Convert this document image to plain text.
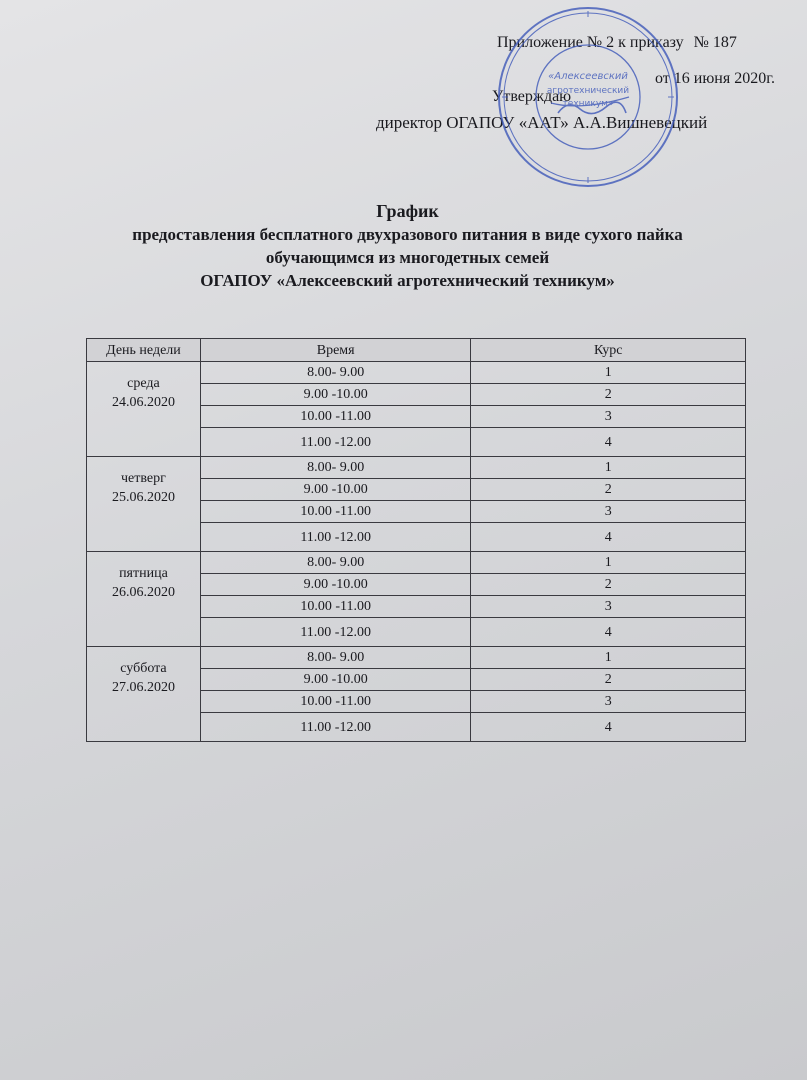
Приложение № 2 к приказу № 187
от 16 июня 2020г.
Утверждаю
директор ОГАПОУ «ААТ» А.А.Вишневецкий
«Алексеевский
агротехнический
техникум»
График
предоставления бесплатного двухразового питания в виде сухого пайка
обучающимся из многодетных семей
ОГАПОУ «Алексеевский агротехнический техникум»
День недели	Время	Курс

среда
24.06.2020	8.00- 9.00	1
	9.00 -10.00	2
	10.00 -11.00	3
	11.00 -12.00	4

четверг
25.06.2020	8.00- 9.00	1
	9.00 -10.00	2
	10.00 -11.00	3
	11.00 -12.00	4

пятница
26.06.2020	8.00- 9.00	1
	9.00 -10.00	2
	10.00 -11.00	3
	11.00 -12.00	4

суббота
27.06.2020	8.00- 9.00	1
	9.00 -10.00	2
	10.00 -11.00	3
	11.00 -12.00	4
